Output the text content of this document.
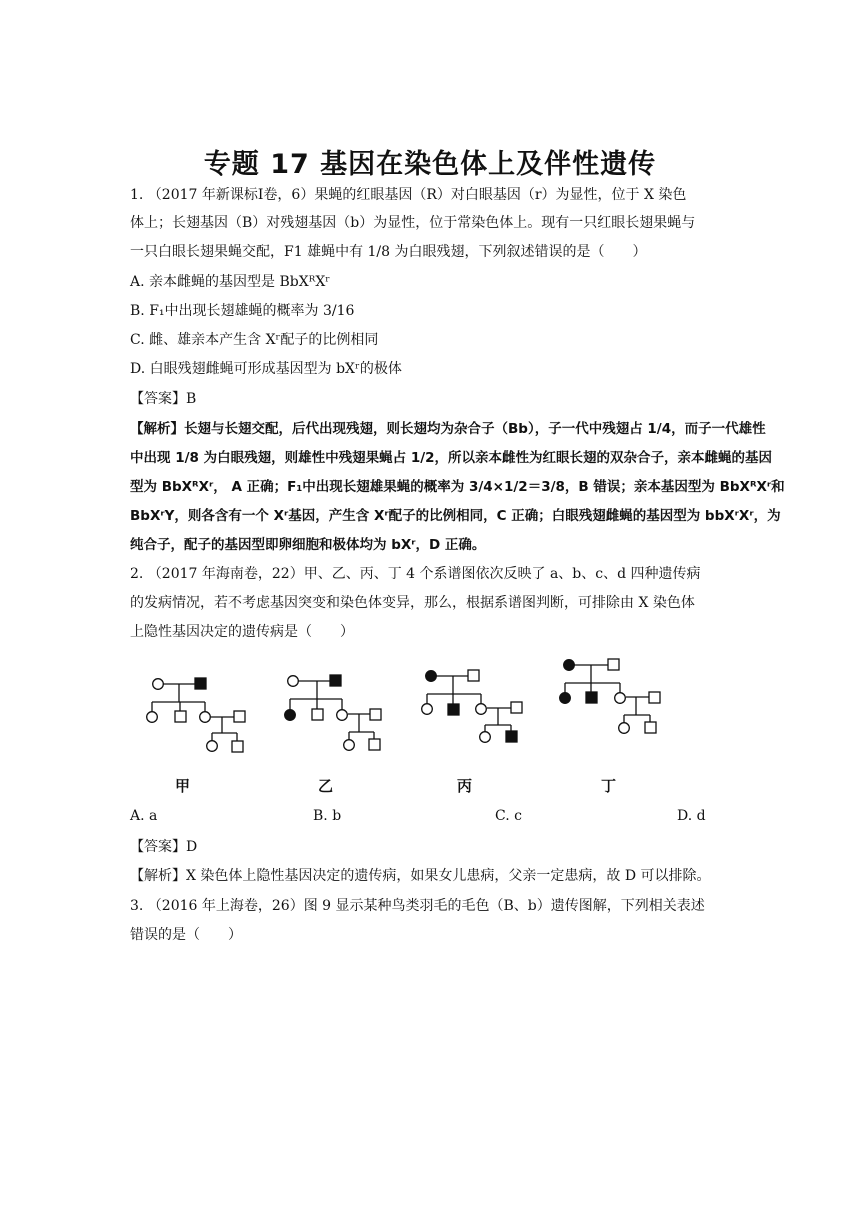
专题 17 基因在染色体上及伴性遗传
1. （2017 年新课标Ⅰ卷，6）果蝇的红眼基因（R）对白眼基因（r）为显性，位于 X 染色
体上；长翅基因（B）对残翅基因（b）为显性，位于常染色体上。现有一只红眼长翅果蝇与
一只白眼长翅果蝇交配，F1 雄蝇中有 1/8 为白眼残翅，下列叙述错误的是（　　）
A. 亲本雌蝇的基因型是 BbXᴿXʳ
B. F₁中出现长翅雄蝇的概率为 3/16
C. 雌、雄亲本产生含 Xʳ配子的比例相同
D. 白眼残翅雌蝇可形成基因型为 bXʳ的极体
【答案】B
【解析】长翅与长翅交配，后代出现残翅，则长翅均为杂合子（Bb），子一代中残翅占 1/4，而子一代雄性
中出现 1/8 为白眼残翅，则雄性中残翅果蝇占 1/2，所以亲本雌性为红眼长翅的双杂合子，亲本雌蝇的基因
型为 BbXᴿXʳ， A 正确；F₁中出现长翅雄果蝇的概率为 3/4×1/2＝3/8，B 错误；亲本基因型为 BbXᴿXʳ和
BbXʳY，则各含有一个 Xʳ基因，产生含 Xʳ配子的比例相同，C 正确；白眼残翅雌蝇的基因型为 bbXʳXʳ，为
纯合子，配子的基因型即卵细胞和极体均为 bXʳ，D 正确。
2. （2017 年海南卷，22）甲、乙、丙、丁 4 个系谱图依次反映了 a、b、c、d 四种遗传病
的发病情况，若不考虑基因突变和染色体变异，那么，根据系谱图判断，可排除由 X 染色体
上隐性基因决定的遗传病是（　　）
甲	乙	丙	丁
A. a	B. b	C. c	D. d
【答案】D
【解析】X 染色体上隐性基因决定的遗传病，如果女儿患病，父亲一定患病，故 D 可以排除。
3. （2016 年上海卷，26）图 9 显示某种鸟类羽毛的毛色（B、b）遗传图解，下列相关表述
错误的是（　　）
